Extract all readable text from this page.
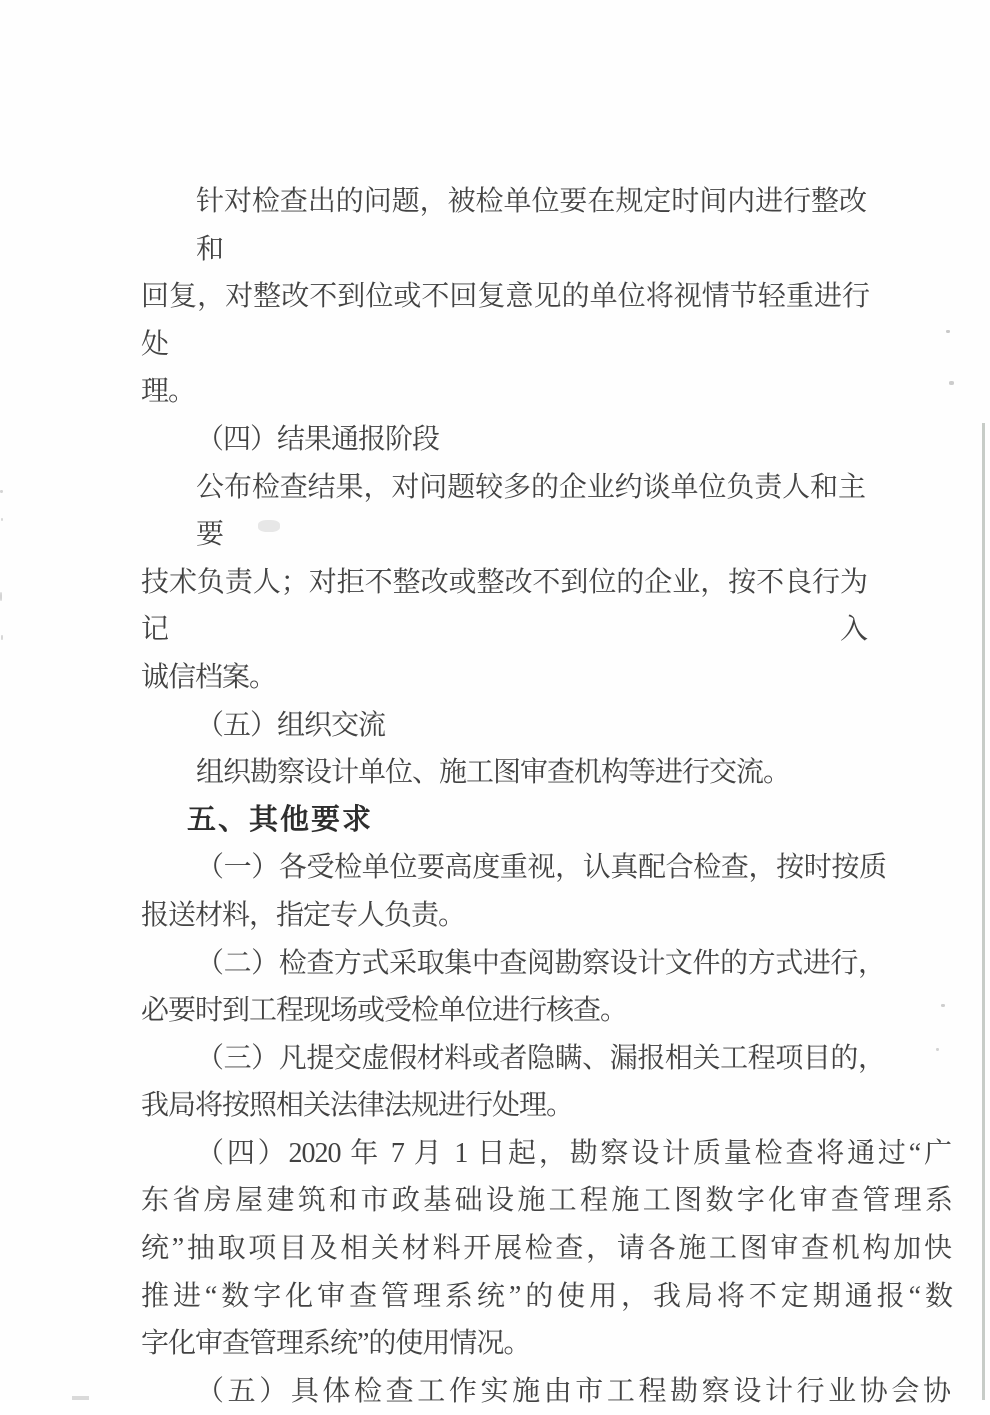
针对检查出的问题，被检单位要在规定时间内进行整改和
回复，对整改不到位或不回复意见的单位将视情节轻重进行处
理。
（四）结果通报阶段
公布检查结果，对问题较多的企业约谈单位负责人和主要
技术负责人；对拒不整改或整改不到位的企业，按不良行为记入
诚信档案。
（五）组织交流
组织勘察设计单位、施工图审查机构等进行交流。
五、其他要求
（一）各受检单位要高度重视，认真配合检查，按时按质
报送材料，指定专人负责。
（二）检查方式采取集中查阅勘察设计文件的方式进行，
必要时到工程现场或受检单位进行核查。
（三）凡提交虚假材料或者隐瞒、漏报相关工程项目的，
我局将按照相关法律法规进行处理。
（四）2020 年 7 月 1 日起，勘察设计质量检查将通过“广
东省房屋建筑和市政基础设施工程施工图数字化审查管理系
统”抽取项目及相关材料开展检查，请各施工图审查机构加快
推进“数字化审查管理系统”的使用，我局将不定期通报“数
字化审查管理系统”的使用情况。
（五）具体检查工作实施由市工程勘察设计行业协会协
